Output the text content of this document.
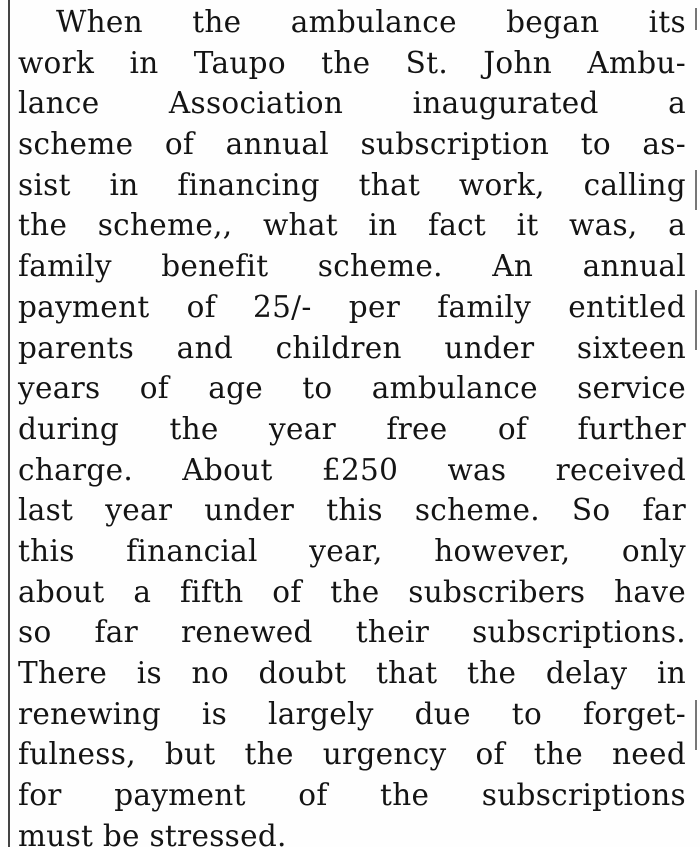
When the ambulance began its
work in Taupo the St. John Ambu-
lance Association inaugurated a
scheme of annual subscription to as-
sist in financing that work, calling
the scheme,, what in fact it was, a
family benefit scheme. An annual
payment of 25/- per family entitled
parents and children under sixteen
years of age to ambulance service
during the year free of further
charge. About £250 was received
last year under this scheme. So far
this financial year, however, only
about a fifth of the subscribers have
so far renewed their subscriptions.
There is no doubt that the delay in
renewing is largely due to forget-
fulness, but the urgency of the need
for payment of the subscriptions
must be stressed.
